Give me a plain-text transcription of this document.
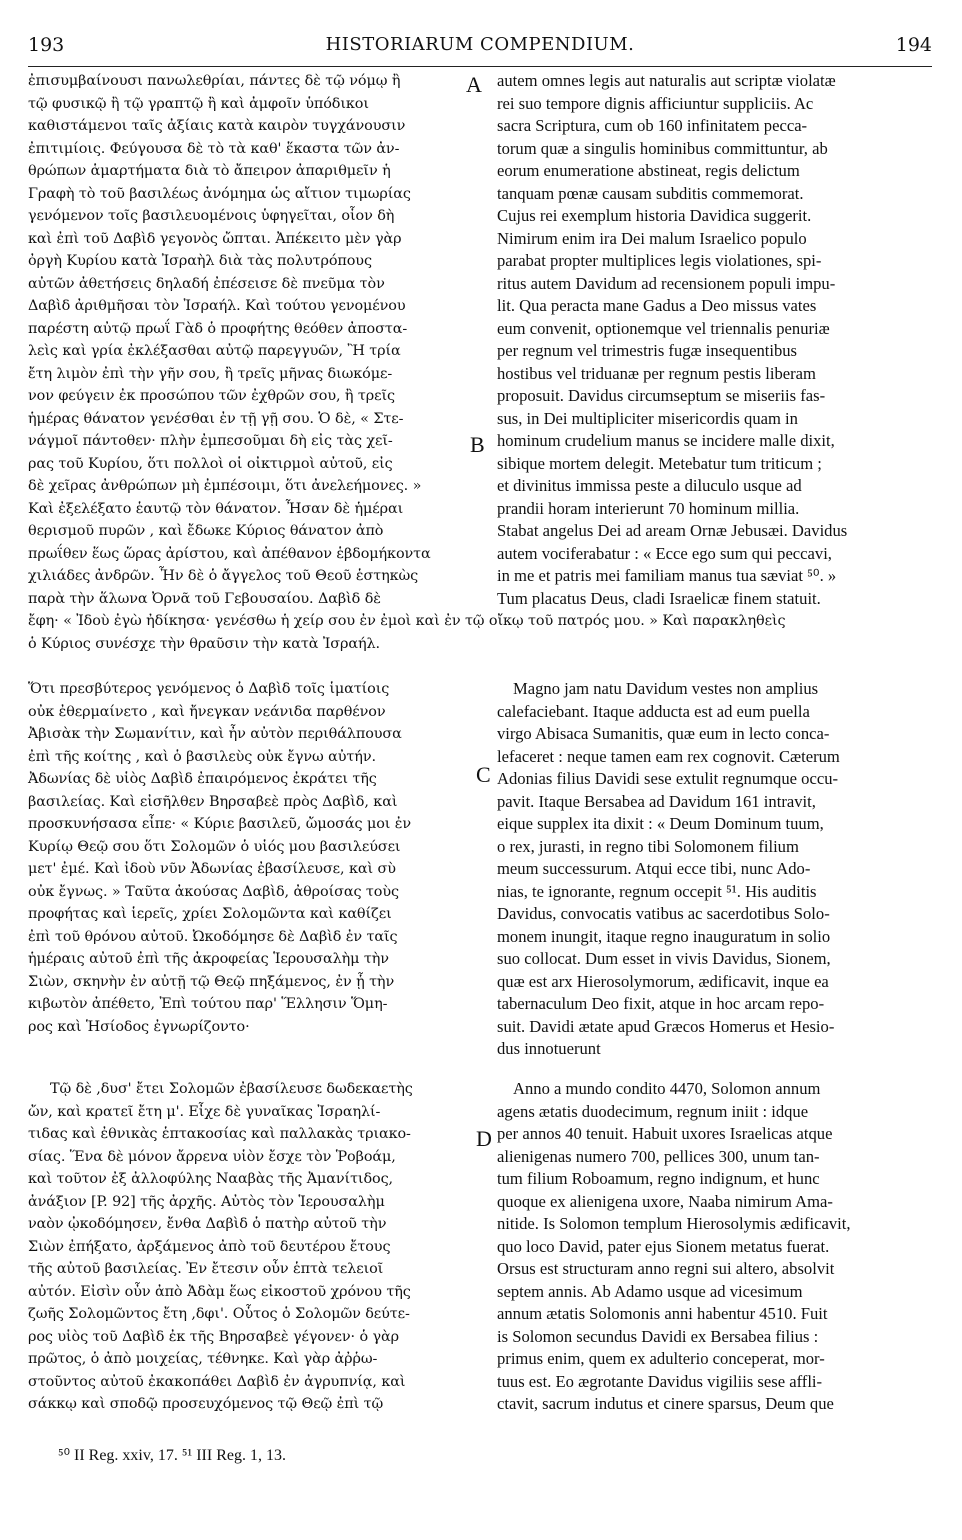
193	HISTORIARUM COMPENDIUM.	194

ἐπισυμβαίνουσι πανωλεθρίαι, πάντες δὲ τῷ νόμῳ ἢ

τῷ φυσικῷ ἢ τῷ γραπτῷ ἢ καὶ ἀμφοῖν ὑπόδικοι

καθιστάμενοι ταῖς ἀξίαις κατὰ καιρὸν τυγχάνουσιν

ἐπιτιμίοις. Φεύγουσα δὲ τὸ τὰ καθ' ἕκαστα τῶν ἀν-

θρώπων ἁμαρτήματα διὰ τὸ ἄπειρον ἀπαριθμεῖν ἡ

Γραφὴ τὸ τοῦ βασιλέως ἀνόμημα ὡς αἴτιον τιμωρίας

γενόμενον τοῖς βασιλευομένοις ὑφηγεῖται, οἷον δὴ

καὶ ἐπὶ τοῦ Δαβὶδ γεγονὸς ὤπται. Ἀπέκειτο μὲν γὰρ

ὀργὴ Κυρίου κατὰ Ἰσραὴλ διὰ τὰς πολυτρόπους

αὐτῶν ἀθετήσεις δηλαδή ἐπέσεισε δὲ πνεῦμα τὸν

Δαβὶδ ἀριθμῆσαι τὸν Ἰσραήλ. Καὶ τούτου γενομένου

παρέστη αὐτῷ πρωΐ Γὰδ ὁ προφήτης θεόθεν ἀποστα-

λεὶς καὶ γρία ἐκλέξασθαι αὐτῷ παρεγγυῶν, Ἢ τρία

ἔτη λιμὸν ἐπὶ τὴν γῆν σου, ἢ τρεῖς μῆνας διωκόμε-

νον φεύγειν ἐκ προσώπου τῶν ἐχθρῶν σου, ἢ τρεῖς

ἡμέρας θάνατον γενέσθαι ἐν τῇ γῇ σου. Ὁ δὲ, « Στε-

νάγμοῖ πάντοθεν· πλὴν ἐμπεσοῦμαι δὴ εἰς τὰς χεῖ-

ρας τοῦ Κυρίου, ὅτι πολλοὶ οἱ οἰκτιρμοὶ αὐτοῦ, εἰς

δὲ χεῖρας ἀνθρώπων μὴ ἐμπέσοιμι, ὅτι ἀνελεήμονες. »

Καὶ ἐξελέξατο ἑαυτῷ τὸν θάνατον. Ἦσαν δὲ ἡμέραι

θερισμοῦ πυρῶν , καὶ ἔδωκε Κύριος θάνατον ἀπὸ

πρωΐθεν ἕως ὥρας ἀρίστου, καὶ ἀπέθανον ἑβδομήκοντα

χιλιάδες ἀνδρῶν. Ἦν δὲ ὁ ἄγγελος τοῦ Θεοῦ ἑστηκὼς

παρὰ τὴν ἅλωνα Ὀρνᾶ τοῦ Γεβουσαίου. Δαβὶδ δὲ

autem omnes legis aut naturalis aut scriptæ violatæ

rei suo tempore dignis afficiuntur suppliciis. Ac

sacra Scriptura, cum ob 160 infinitatem pecca-

torum quæ a singulis hominibus committuntur, ab

eorum enumeratione abstineat, regis delictum

tanquam pœnæ causam subditis commemorat.

Cujus rei exemplum historia Davidica suggerit.

Nimirum enim ira Dei malum Israelico populo

parabat propter multiplices legis violationes, spi-

ritus autem Davidum ad recensionem populi impu-

lit. Qua peracta mane Gadus a Deo missus vates

eum convenit, optionemque vel triennalis penuriæ

per regnum vel trimestris fugæ insequentibus

hostibus vel triduanæ per regnum pestis liberam

proposuit. Davidus circumseptum se miseriis fas-

sus, in Dei multipliciter misericordis quam in

hominum crudelium manus se incidere malle dixit,

sibique mortem delegit. Metebatur tum triticum ;

et divinitus immissa peste a diluculo usque ad

prandii horam interierunt 70 hominum millia.

Stabat angelus Dei ad aream Ornæ Jebusæi. Davidus

autem vociferabatur : « Ecce ego sum qui peccavi,

in me et patris mei familiam manus tua sæviat ⁵⁰. »

Tum placatus Deus, cladi Israelicæ finem statuit.

ἔφη· « Ἰδοὺ ἐγὼ ἠδίκησα· γενέσθω ἡ χείρ σου ἐν ἐμοὶ καὶ ἐν τῷ οἴκῳ τοῦ πατρός μου. » Καὶ παρακληθεὶς

ὁ Κύριος συνέσχε τὴν θραῦσιν τὴν κατὰ Ἰσραήλ.

Ὅτι πρεσβύτερος γενόμενος ὁ Δαβὶδ τοῖς ἱματίοις

οὐκ ἐθερμαίνετο , καὶ ἤνεγκαν νεάνιδα παρθένον

Ἀβισὰκ τὴν Σωμανίτιν, καὶ ἦν αὐτὸν περιθάλπουσα

ἐπὶ τῆς κοίτης , καὶ ὁ βασιλεὺς οὐκ ἔγνω αὐτήν.

Ἀδωνίας δὲ υἱὸς Δαβὶδ ἐπαιρόμενος ἐκράτει τῆς

βασιλείας. Καὶ εἰσῆλθεν Βηρσαβεὲ πρὸς Δαβὶδ, καὶ

προσκυνήσασα εἶπε· « Κύριε βασιλεῦ, ὤμοσάς μοι ἐν

Κυρίῳ Θεῷ σου ὅτι Σολομῶν ὁ υἱός μου βασιλεύσει

μετ' ἐμέ. Καὶ ἰδοὺ νῦν Ἀδωνίας ἐβασίλευσε, καὶ σὺ

οὐκ ἔγνως. » Ταῦτα ἀκούσας Δαβὶδ, ἀθροίσας τοὺς

προφήτας καὶ ἱερεῖς, χρίει Σολομῶντα καὶ καθίζει

ἐπὶ τοῦ θρόνου αὐτοῦ. Ὠκοδόμησε δὲ Δαβὶδ ἐν ταῖς

ἡμέραις αὐτοῦ ἐπὶ τῆς ἀκροφείας Ἱερουσαλὴμ τὴν

Σιὼν, σκηνὴν ἐν αὐτῇ τῷ Θεῷ πηξάμενος, ἐν ᾗ τὴν

κιβωτὸν ἀπέθετο, Ἐπὶ τούτου παρ' Ἕλλησιν Ὅμη-

ρος καὶ Ἡσίοδος ἐγνωρίζοντο·

Magno jam natu Davidum vestes non amplius

calefaciebant. Itaque adducta est ad eum puella

virgo Abisaca Sumanitis, quæ eum in lecto conca-

lefaceret : neque tamen eam rex cognovit. Cæterum

Adonias filius Davidi sese extulit regnumque occu-

pavit. Itaque Bersabea ad Davidum 161 intravit,

eique supplex ita dixit : « Deum Dominum tuum,

o rex, jurasti, in regno tibi Solomonem filium

meum successurum. Atqui ecce tibi, nunc Ado-

nias, te ignorante, regnum occepit ⁵¹. His auditis

Davidus, convocatis vatibus ac sacerdotibus Solo-

monem inungit, itaque regno inauguratum in solio

suo collocat. Dum esset in vivis Davidus, Sionem,

quæ est arx Hierosolymorum, ædificavit, inque ea

tabernaculum Deo fixit, atque in hoc arcam repo-

suit. Davidi ætate apud Græcos Homerus et Hesio-

dus innotuerunt

Τῷ δὲ ,δυσ' ἔτει Σολομῶν ἐβασίλευσε δωδεκαετὴς

ὤν, καὶ κρατεῖ ἔτη μ'. Εἶχε δὲ γυναῖκας Ἰσραηλί-

τιδας καὶ ἐθνικὰς ἑπτακοσίας καὶ παλλακὰς τριακο-

σίας. Ἕνα δὲ μόνον ἄρρενα υἱὸν ἔσχε τὸν Ῥοβοάμ,

καὶ τοῦτον ἐξ ἀλλοφύλης Νααβὰς τῆς Ἀμανίτιδος,

ἀνάξιον [P. 92] τῆς ἀρχῆς. Αὐτὸς τὸν Ἱερουσαλὴμ

ναὸν ᾠκοδόμησεν, ἔνθα Δαβὶδ ὁ πατὴρ αὐτοῦ τὴν

Σιὼν ἐπήξατο, ἀρξάμενος ἀπὸ τοῦ δευτέρου ἔτους

τῆς αὐτοῦ βασιλείας. Ἐν ἔτεσιν οὖν ἑπτὰ τελειοῖ

αὐτόν. Εἰσὶν οὖν ἀπὸ Ἀδὰμ ἕως εἰκοστοῦ χρόνου τῆς

ζωῆς Σολομῶντος ἔτη ,δφι'. Οὗτος ὁ Σολομῶν δεύτε-

ρος υἱὸς τοῦ Δαβὶδ ἐκ τῆς Βηρσαβεὲ γέγονεν· ὁ γὰρ

πρῶτος, ὁ ἀπὸ μοιχείας, τέθνηκε. Καὶ γὰρ ἀῤῥω-

στοῦντος αὐτοῦ ἐκακοπάθει Δαβὶδ ἐν ἀγρυπνίᾳ, καὶ

σάκκῳ καὶ σποδῷ προσευχόμενος τῷ Θεῷ ἐπὶ τῷ

Anno a mundo condito 4470, Solomon annum

agens ætatis duodecimum, regnum iniit : idque

per annos 40 tenuit. Habuit uxores Israelicas atque

alienigenas numero 700, pellices 300, unum tan-

tum filium Roboamum, regno indignum, et hunc

quoque ex alienigena uxore, Naaba nimirum Ama-

nitide. Is Solomon templum Hierosolymis ædificavit,

quo loco David, pater ejus Sionem metatus fuerat.

Orsus est structuram anno regni sui altero, absolvit

septem annis. Ab Adamo usque ad vicesimum

annum ætatis Solomonis anni habentur 4510. Fuit

is Solomon secundus Davidi ex Bersabea filius :

primus enim, quem ex adulterio conceperat, mor-

tuus est. Eo ægrotante Davidus vigiliis sese affli-

ctavit, sacrum indutus et cinere sparsus, Deum que

A
B
C
D
⁵⁰ II Reg. xxiv, 17. ⁵¹ III Reg. 1, 13.
